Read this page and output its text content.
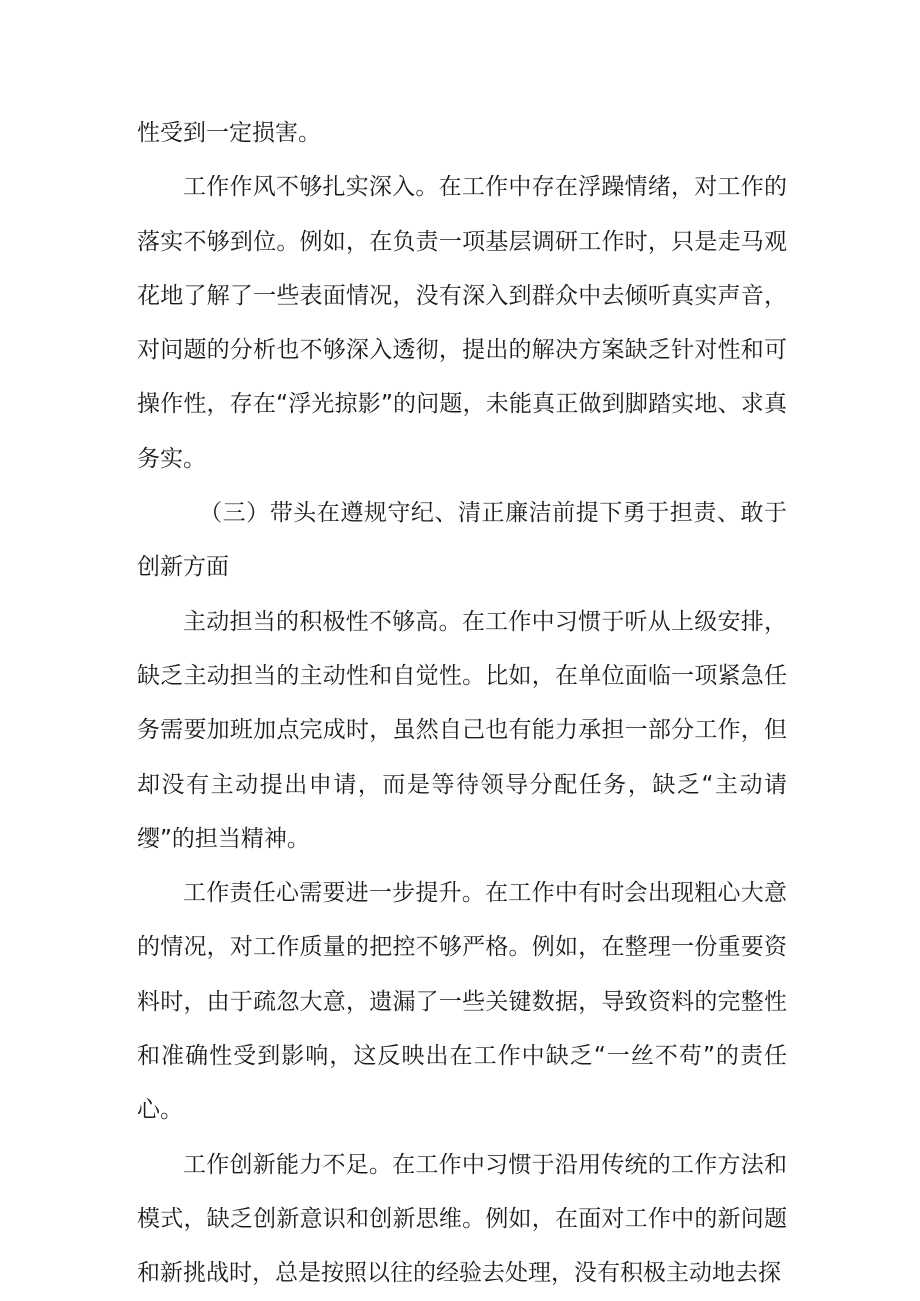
性受到一定损害。

工作作风不够扎实深入。在工作中存在浮躁情绪，对工作的落实不够到位。例如，在负责一项基层调研工作时，只是走马观花地了解了一些表面情况，没有深入到群众中去倾听真实声音，对问题的分析也不够深入透彻，提出的解决方案缺乏针对性和可操作性，存在“浮光掠影”的问题，未能真正做到脚踏实地、求真务实。

（三）带头在遵规守纪、清正廉洁前提下勇于担责、敢于创新方面

主动担当的积极性不够高。在工作中习惯于听从上级安排，缺乏主动担当的主动性和自觉性。比如，在单位面临一项紧急任务需要加班加点完成时，虽然自己也有能力承担一部分工作，但却没有主动提出申请，而是等待领导分配任务，缺乏“主动请缨”的担当精神。

工作责任心需要进一步提升。在工作中有时会出现粗心大意的情况，对工作质量的把控不够严格。例如，在整理一份重要资料时，由于疏忽大意，遗漏了一些关键数据，导致资料的完整性和准确性受到影响，这反映出在工作中缺乏“一丝不苟”的责任心。

工作创新能力不足。在工作中习惯于沿用传统的工作方法和模式，缺乏创新意识和创新思维。例如，在面对工作中的新问题和新挑战时，总是按照以往的经验去处理，没有积极主动地去探
